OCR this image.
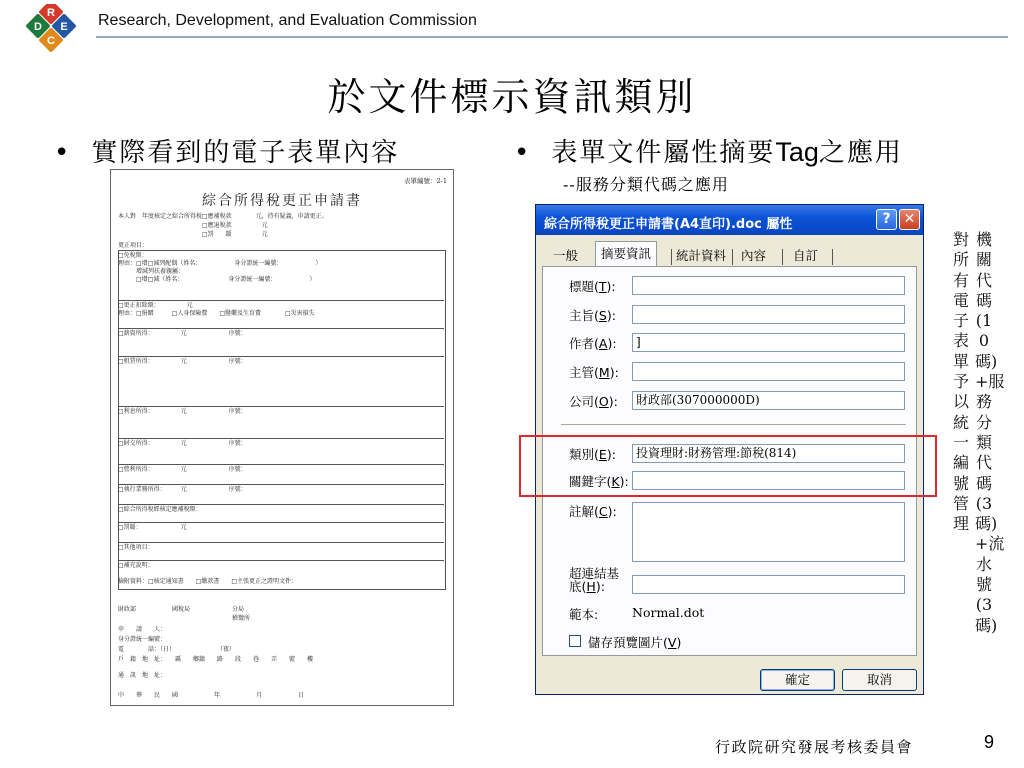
R
D E
C
Research, Development, and Evaluation Commission
於文件標示資訊類別
• 實際看到的電子表單內容	• 表單文件屬性摘要Tag之應用
--服務分類代碼之應用
表單編號：2-1
綜合所得稅更正申請書
本人對　年度核定之綜合所得稅□應補稅款　　　　元，持有疑義，申請更正。
　　　　　　　　　　　　　　□應退稅款　　　　　元
　　　　　　　　　　　　　　□罰　　鍰　　　　　元
更正項目：
□免稅額：
理由：□增□減列配偶（姓名：　　　　　　身分證統一編號：　　　　　　）
　　　增減列扶養親屬：
　　　□增□減（姓名：　　　　　　　　身分證統一編號：　　　　　　）
□更正扣除額：　　　　　元
理由：□捐贈　　　□人身保險費　　□醫藥及生育費　　　　□災害損失
□薪資所得：　　　　　元　　　　　　　序號：
□租賃所得：　　　　　元　　　　　　　序號：
□利息所得：　　　　　元　　　　　　　序號：
□財交所得：　　　　　元　　　　　　　序號：
□營利所得：　　　　　元　　　　　　　序號：
□執行業務所得：　　　元　　　　　　　序號：
□綜合所得稅經核定應補稅額：
□罰鍰：　　　　　　　元
□其他項目：
□補充說明：
檢附資料：□核定通知書　　□繳款書　　□主張更正之證明文件：
財政部　　　　　　國稅局　　　　　　　分局
　　　　　　　　　　　　　　　　　　　稽徵所
申　　請　　人：
身分證統一編號：
電　　　　話：（日）　　　　　　　　（夜）
戶　籍　地　址：　　縣　　鄉鎮　　路　　段　　巷　　弄　　號　　樓
通　訊　地　址：
中　　華　　民　　國　　　　　　年　　　　　　月　　　　　　日
綜合所得稅更正申請書(A4直印).doc 屬性	? ✕
一般	摘要資訊	統計資料	內容	自訂
標題(T):
主旨(S):
作者(A):	]
主管(M):
公司(O):	財政部(307000000D)
類別(E):	投資理財:財務管理:節稅(814)
關鍵字(K):
註解(C):
超連結基
底(H):
範本:	Normal.dot
儲存預覽圖片(V)
確定	取消
機關代碼(10碼)+服務分類代碼(3碼)+流水號(3碼)
對所有電子表單予以統一編號管理
行政院研究發展考核委員會	9
